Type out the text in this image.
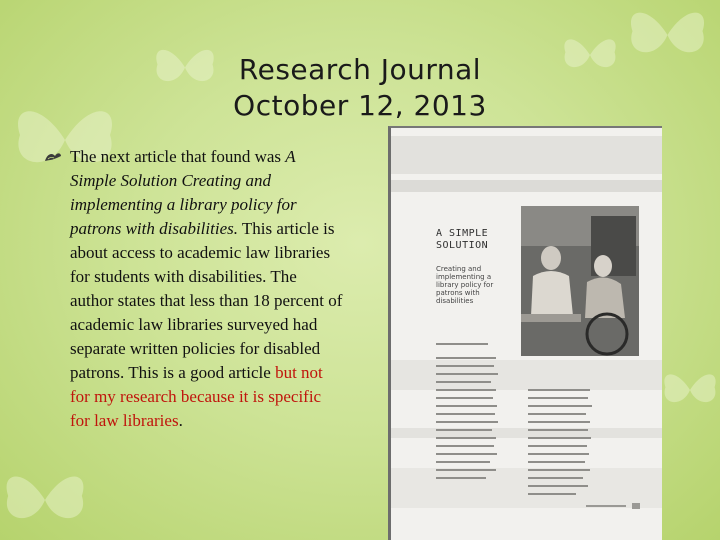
Research Journal
October 12, 2013
The next article that found was A Simple Solution Creating and implementing a library policy for patrons with disabilities. This article is about access to academic law libraries for students with disabilities. The author states that less than 18 percent of academic law libraries surveyed had separate written policies for disabled patrons. This is a good article but not for my research because it is specific for law libraries.
A SIMPLE SOLUTION
Creating and implementing a library policy for patrons with disabilities
